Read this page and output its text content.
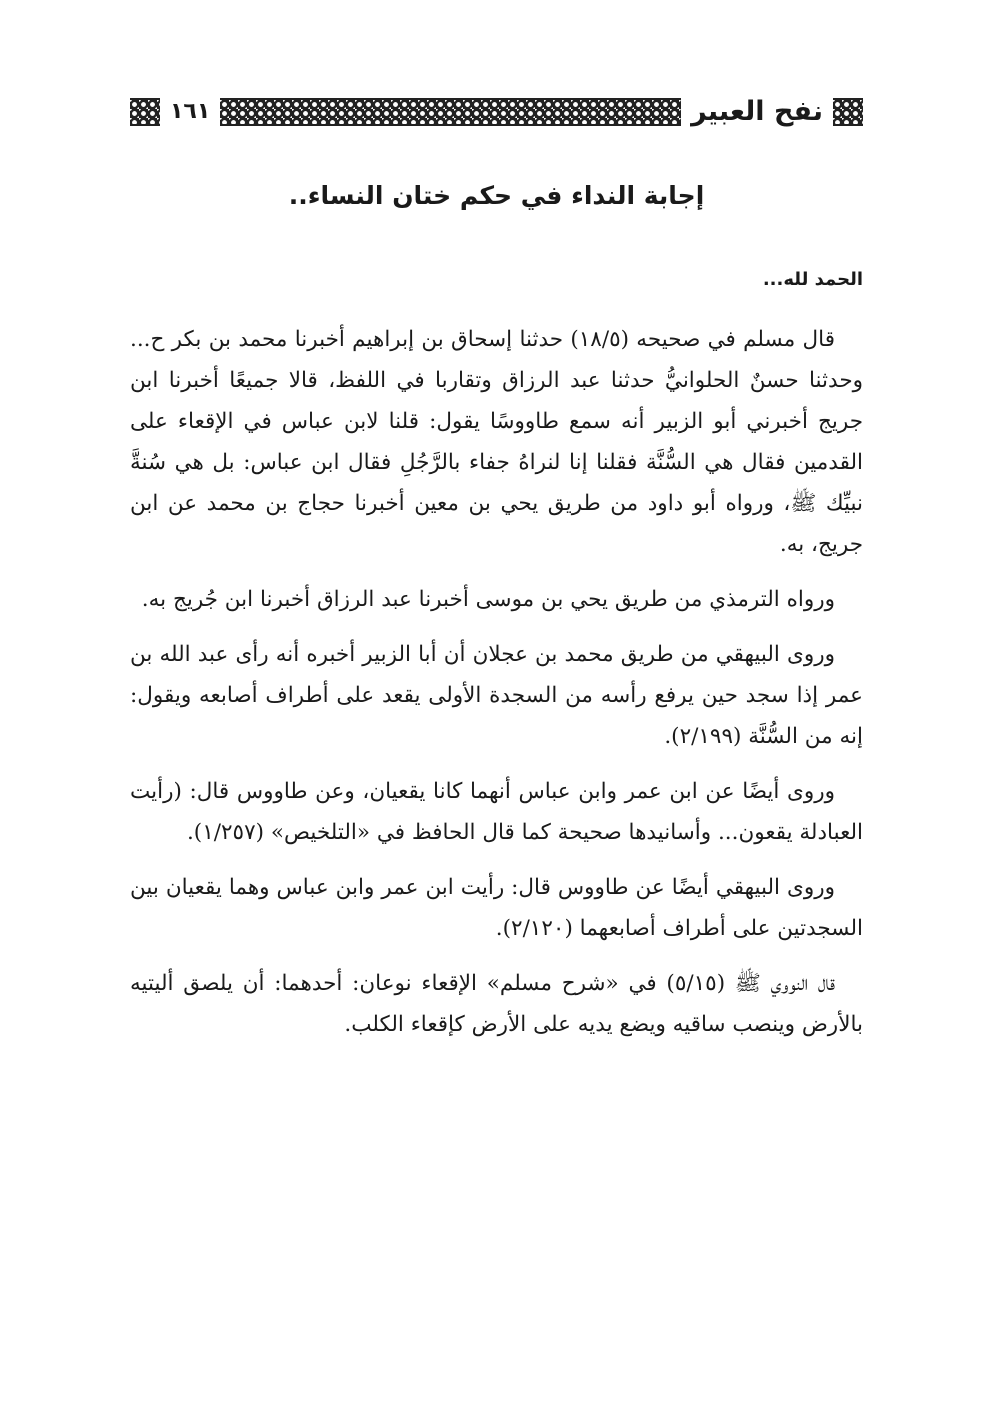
نفح العبير
١٦١
إجابة النداء في حكم ختان النساء..

الحمد لله...

قال مسلم في صحيحه (١٨/٥) حدثنا إسحاق بن إبراهيم أخبرنا محمد بن بكر ح... وحدثنا حسنٌ الحلوانيُّ حدثنا عبد الرزاق وتقاربا في اللفظ، قالا جميعًا أخبرنا ابن جريج أخبرني أبو الزبير أنه سمع طاووسًا يقول: قلنا لابن عباس في الإقعاء على القدمين فقال هي السُّنَّة فقلنا إنا لنراهُ جفاء بالرَّجُلِ فقال ابن عباس: بل هي سُنةَّ نبيِّك ﷺ، ورواه أبو داود من طريق يحي بن معين أخبرنا حجاج بن محمد عن ابن جريج، به.

ورواه الترمذي من طريق يحي بن موسى أخبرنا عبد الرزاق أخبرنا ابن جُريج به.

وروى البيهقي من طريق محمد بن عجلان أن أبا الزبير أخبره أنه رأى عبد الله بن عمر إذا سجد حين يرفع رأسه من السجدة الأولى يقعد على أطراف أصابعه ويقول: إنه من السُّنَّة (٢/١٩٩).

وروى أيضًا عن ابن عمر وابن عباس أنهما كانا يقعيان، وعن طاووس قال: (رأيت العبادلة يقعون... وأسانيدها صحيحة كما قال الحافظ في «التلخيص» (١/٢٥٧).

وروى البيهقي أيضًا عن طاووس قال: رأيت ابن عمر وابن عباس وهما يقعيان بين السجدتين على أطراف أصابعهما (٢/١٢٠).

قال النووي ﷺ (٥/١٥) في «شرح مسلم» الإقعاء نوعان: أحدهما: أن يلصق أليتيه بالأرض وينصب ساقيه ويضع يديه على الأرض كإقعاء الكلب.
